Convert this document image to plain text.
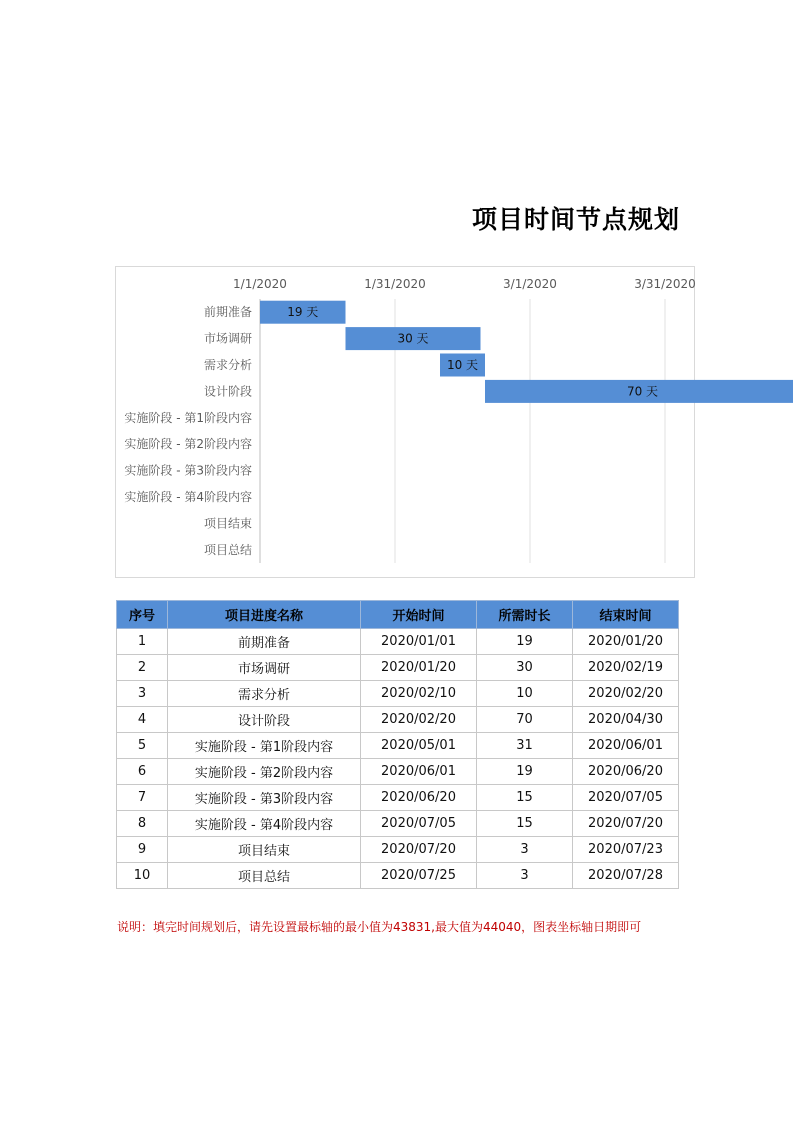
项目时间节点规划
1/1/2020	1/31/2020	3/1/2020	3/31/2020
前期准备	19 天
市场调研	30 天
需求分析	10 天
设计阶段	70 天
实施阶段 - 第1阶段内容
实施阶段 - 第2阶段内容
实施阶段 - 第3阶段内容
实施阶段 - 第4阶段内容
项目结束
项目总结
序号	项目进度名称	开始时间	所需时长	结束时间
1	前期准备	2020/01/01	19	2020/01/20
2	市场调研	2020/01/20	30	2020/02/19
3	需求分析	2020/02/10	10	2020/02/20
4	设计阶段	2020/02/20	70	2020/04/30
5	实施阶段 - 第1阶段内容	2020/05/01	31	2020/06/01
6	实施阶段 - 第2阶段内容	2020/06/01	19	2020/06/20
7	实施阶段 - 第3阶段内容	2020/06/20	15	2020/07/05
8	实施阶段 - 第4阶段内容	2020/07/05	15	2020/07/20
9	项目结束	2020/07/20	3	2020/07/23
10	项目总结	2020/07/25	3	2020/07/28
说明：填完时间规划后，请先设置最标轴的最小值为43831,最大值为44040，图表坐标轴日期即可
